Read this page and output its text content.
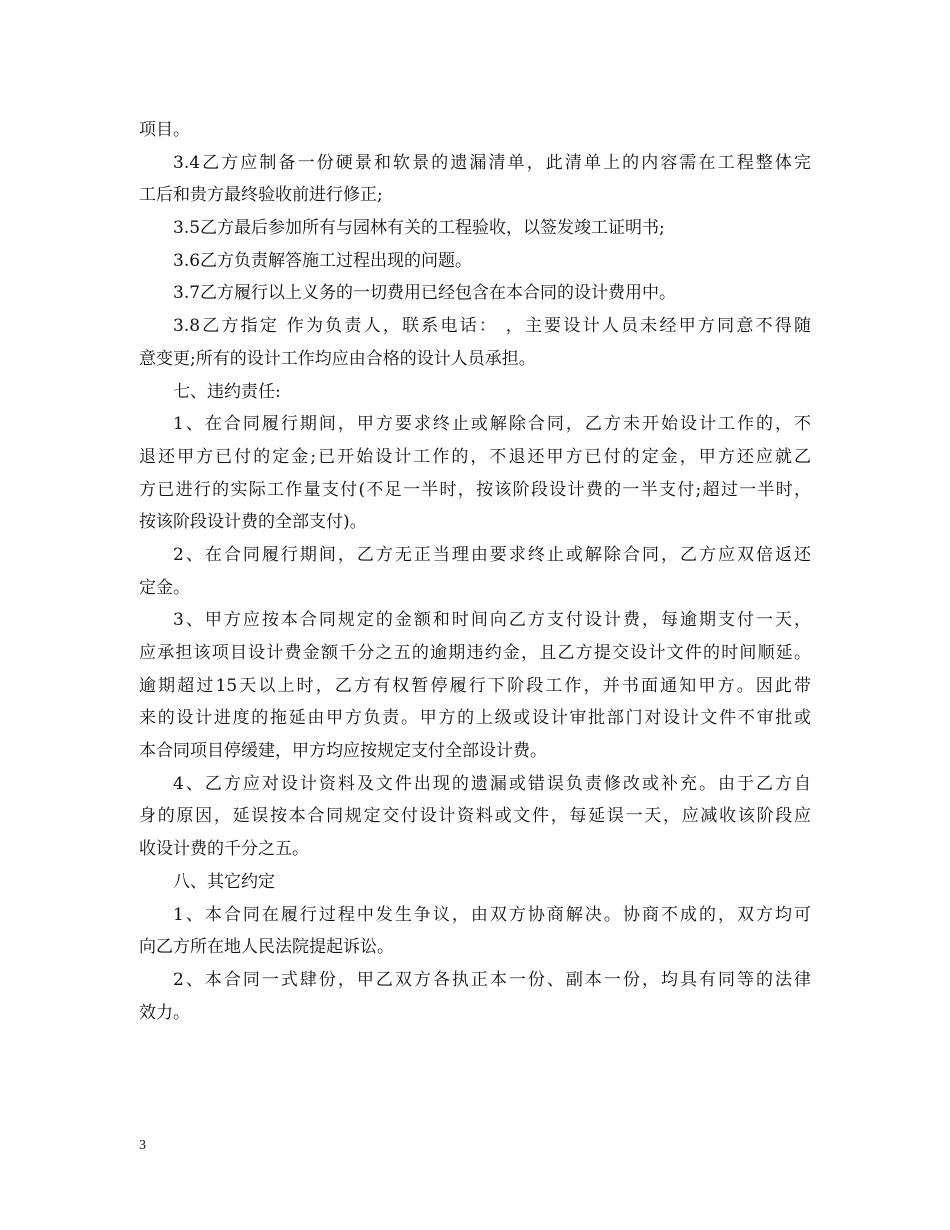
项目。
3.4乙方应制备一份硬景和软景的遗漏清单，此清单上的内容需在工程整体完
工后和贵方最终验收前进行修正;
3.5乙方最后参加所有与园林有关的工程验收，以签发竣工证明书;
3.6乙方负责解答施工过程出现的问题。
3.7乙方履行以上义务的一切费用已经包含在本合同的设计费用中。
3.8乙方指定 作为负责人，联系电话： ，主要设计人员未经甲方同意不得随
意变更;所有的设计工作均应由合格的设计人员承担。
七、违约责任:
1、在合同履行期间，甲方要求终止或解除合同，乙方未开始设计工作的，不
退还甲方已付的定金;已开始设计工作的，不退还甲方已付的定金，甲方还应就乙
方已进行的实际工作量支付(不足一半时，按该阶段设计费的一半支付;超过一半时，
按该阶段设计费的全部支付)。
2、在合同履行期间，乙方无正当理由要求终止或解除合同，乙方应双倍返还
定金。
3、甲方应按本合同规定的金额和时间向乙方支付设计费，每逾期支付一天，
应承担该项目设计费金额千分之五的逾期违约金，且乙方提交设计文件的时间顺延。
逾期超过15天以上时，乙方有权暂停履行下阶段工作，并书面通知甲方。因此带
来的设计进度的拖延由甲方负责。甲方的上级或设计审批部门对设计文件不审批或
本合同项目停缓建，甲方均应按规定支付全部设计费。
4、乙方应对设计资料及文件出现的遗漏或错误负责修改或补充。由于乙方自
身的原因，延误按本合同规定交付设计资料或文件，每延误一天，应减收该阶段应
收设计费的千分之五。
八、其它约定
1、本合同在履行过程中发生争议，由双方协商解决。协商不成的，双方均可
向乙方所在地人民法院提起诉讼。
2、本合同一式肆份，甲乙双方各执正本一份、副本一份，均具有同等的法律
效力。
3
